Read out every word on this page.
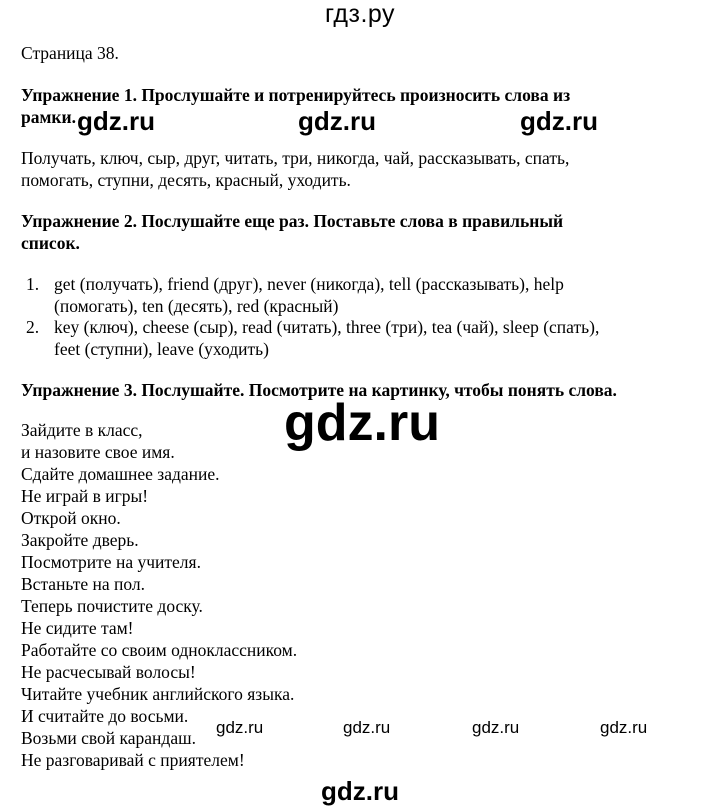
гдз.ру
Страница 38.
Упражнение 1. Прослушайте и потренируйтесь произносить слова из
рамки. gdz.ru	gdz.ru	gdz.ru
Получать, ключ, сыр, друг, читать, три, никогда, чай, рассказывать, спать,
помогать, ступни, десять, красный, уходить.
Упражнение 2. Послушайте еще раз. Поставьте слова в правильный
список.
1. get (получать), friend (друг), never (никогда), tell (рассказывать), help
(помогать), ten (десять), red (красный)
2. key (ключ), cheese (сыр), read (читать), three (три), tea (чай), sleep (спать),
feet (ступни), leave (уходить)
Упражнение 3. Послушайте. Посмотрите на картинку, чтобы понять слова.
gdz.ru
Зайдите в класс,
и назовите свое имя.
Сдайте домашнее задание.
Не играй в игры!
Открой окно.
Закройте дверь.
Посмотрите на учителя.
Встаньте на пол.
Теперь почистите доску.
Не сидите там!
Работайте со своим одноклассником.
Не расчесывай волосы!
Читайте учебник английского языка.
И считайте до восьми.
Возьми свой карандаш.
Не разговаривай с приятелем!
gdz.ru	gdz.ru	gdz.ru	gdz.ru
gdz.ru
